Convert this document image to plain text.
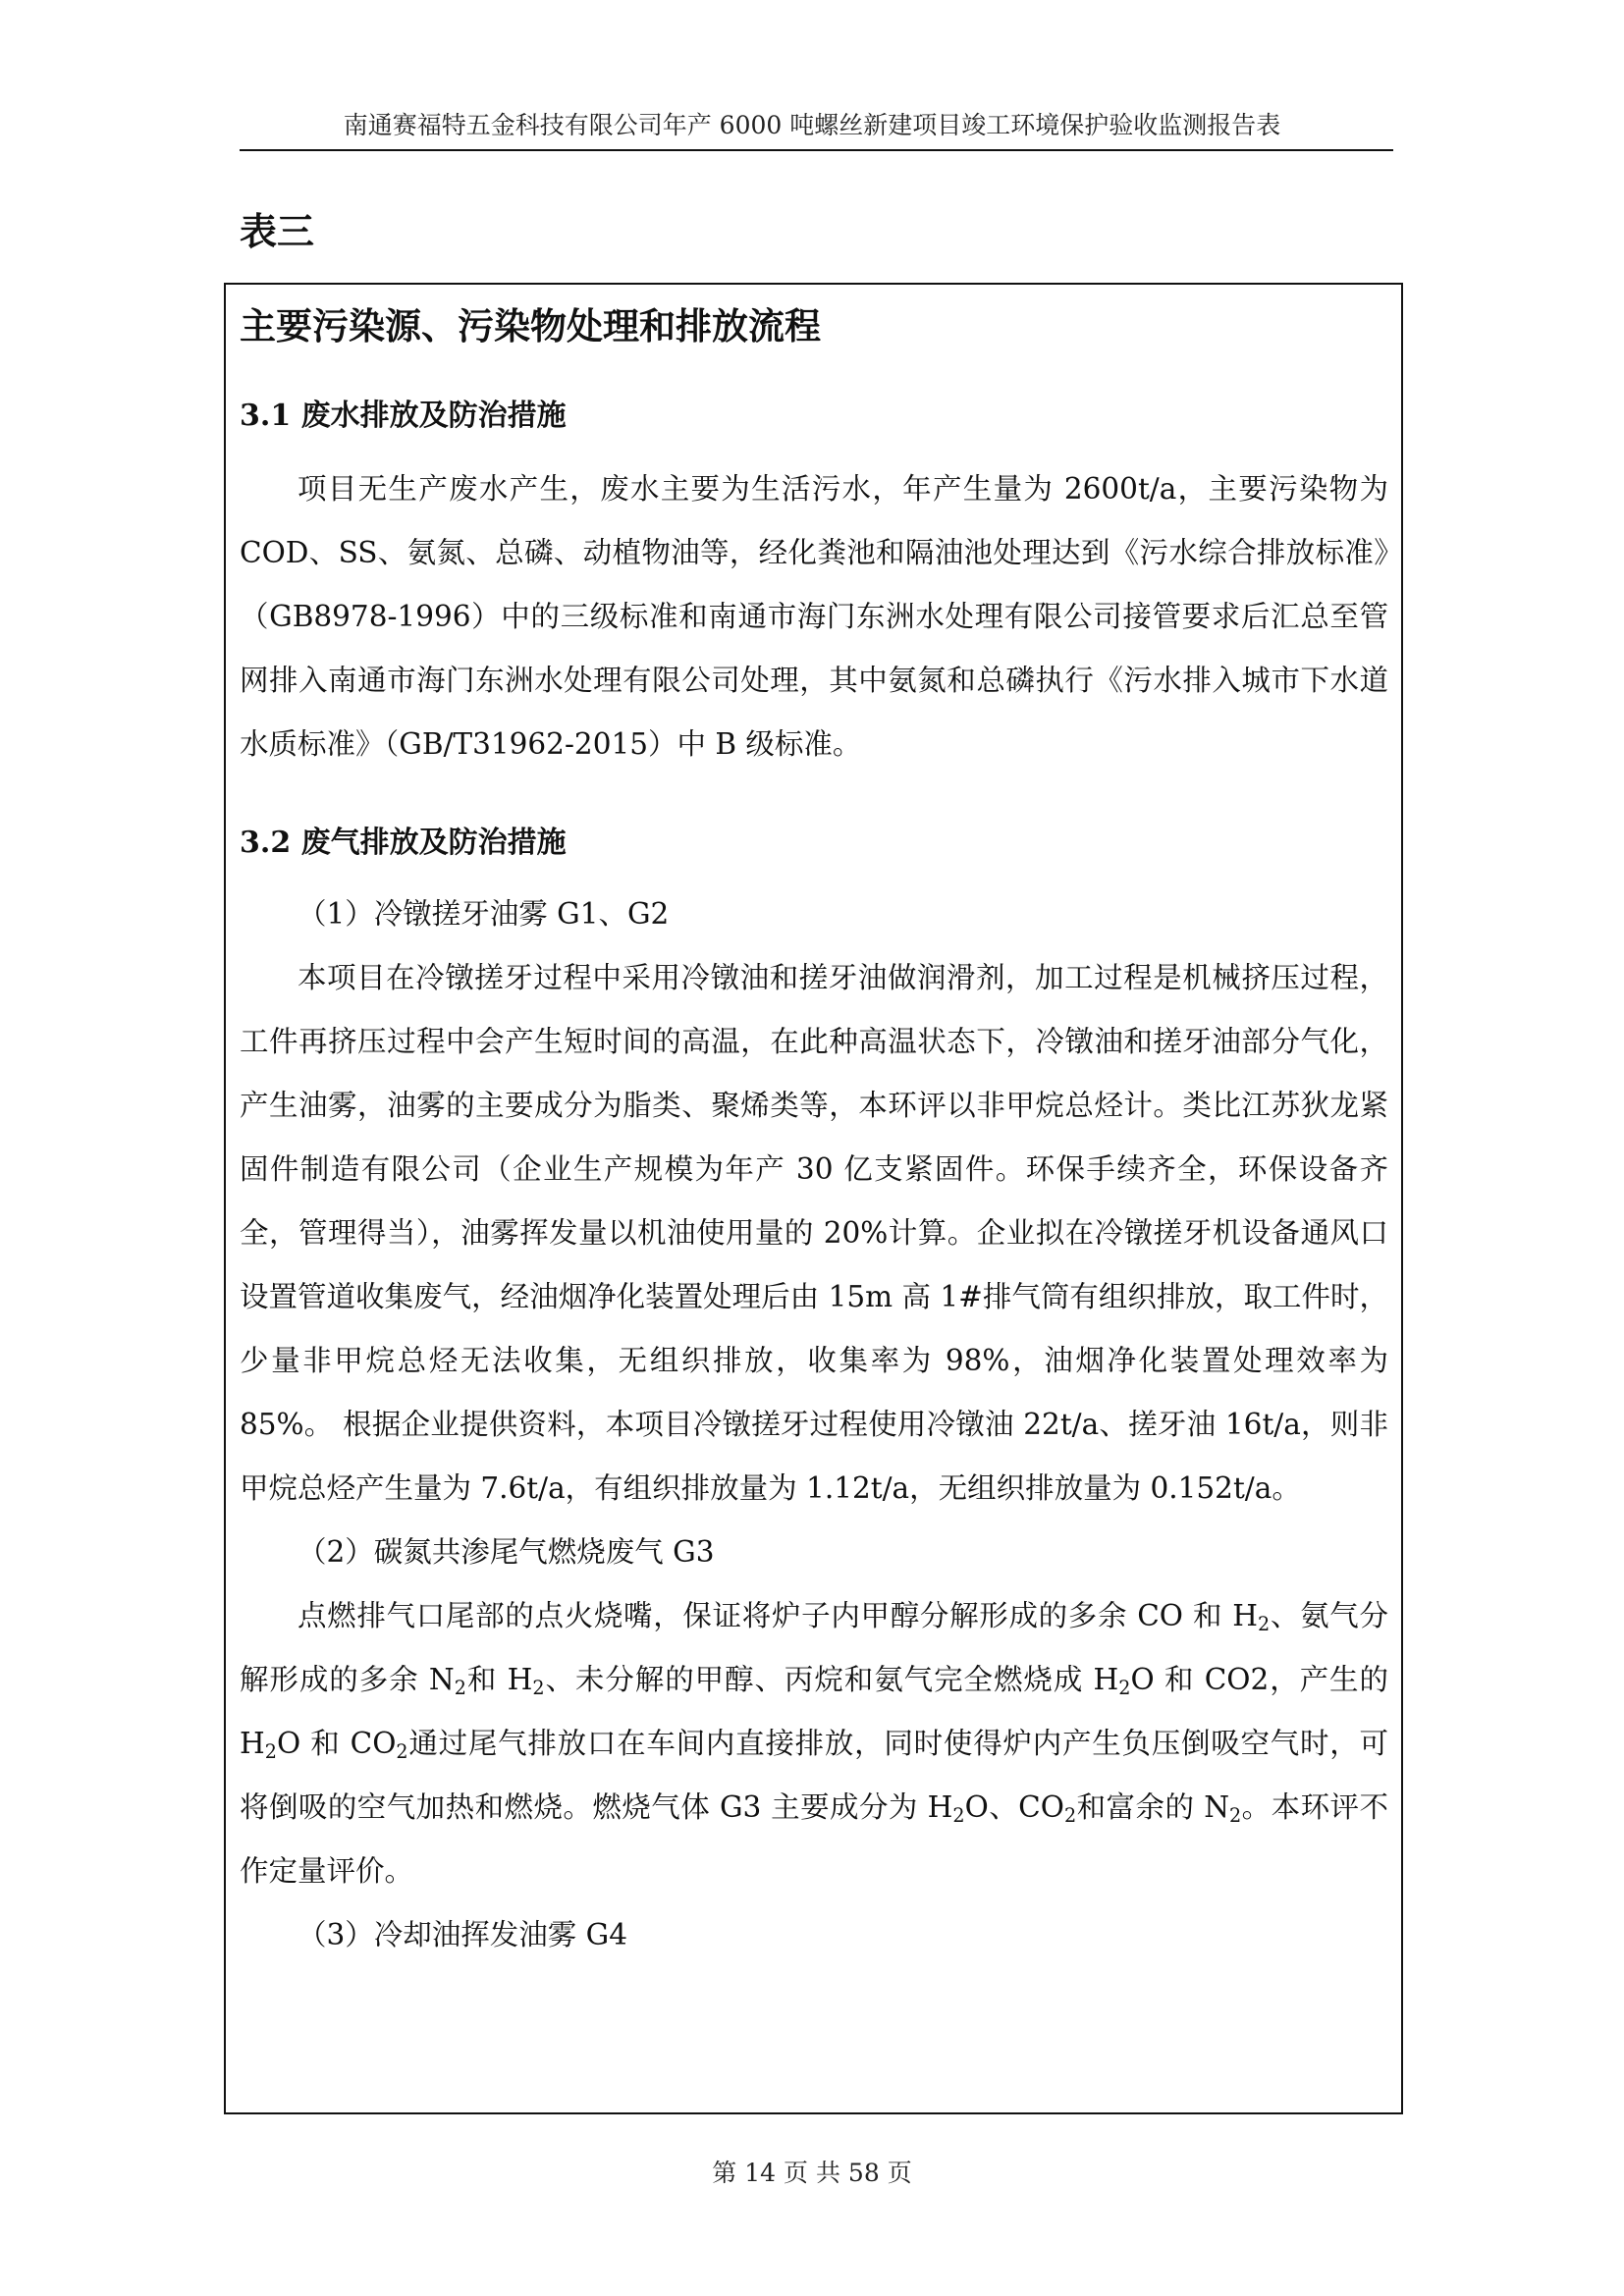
南通赛福特五金科技有限公司年产 6000 吨螺丝新建项目竣工环境保护验收监测报告表
表三
主要污染源、污染物处理和排放流程
3.1 废水排放及防治措施

项目无生产废水产生，废水主要为生活污水，年产生量为 2600t/a，主要污染物为 COD、SS、氨氮、总磷、动植物油等，经化粪池和隔油池处理达到《污水综合排放标准》（GB8978-1996）中的三级标准和南通市海门东洲水处理有限公司接管要求后汇总至管网排入南通市海门东洲水处理有限公司处理，其中氨氮和总磷执行《污水排入城市下水道水质标准》（GB/T31962-2015）中 B 级标准。

3.2 废气排放及防治措施

（1）冷镦搓牙油雾 G1、G2

本项目在冷镦搓牙过程中采用冷镦油和搓牙油做润滑剂，加工过程是机械挤压过程，工件再挤压过程中会产生短时间的高温，在此种高温状态下，冷镦油和搓牙油部分气化，产生油雾，油雾的主要成分为脂类、聚烯类等，本环评以非甲烷总烃计。类比江苏狄龙紧固件制造有限公司（企业生产规模为年产 30 亿支紧固件。环保手续齐全，环保设备齐全，管理得当），油雾挥发量以机油使用量的 20%计算。企业拟在冷镦搓牙机设备通风口设置管道收集废气，经油烟净化装置处理后由 15m 高 1#排气筒有组织排放，取工件时，少量非甲烷总烃无法收集，无组织排放，收集率为 98%，油烟净化装置处理效率为 85%。 根据企业提供资料，本项目冷镦搓牙过程使用冷镦油 22t/a、搓牙油 16t/a，则非甲烷总烃产生量为 7.6t/a，有组织排放量为 1.12t/a，无组织排放量为 0.152t/a。

（2）碳氮共渗尾气燃烧废气 G3

点燃排气口尾部的点火烧嘴，保证将炉子内甲醇分解形成的多余 CO 和 $H_2$、氨气分解形成的多余 $N_2$和 $H_2$、未分解的甲醇、丙烷和氨气完全燃烧成 $H_2O$ 和 CO2，产生的 $H_2O$ 和 $CO_2$通过尾气排放口在车间内直接排放，同时使得炉内产生负压倒吸空气时，可将倒吸的空气加热和燃烧。燃烧气体 G3 主要成分为 $H_2O$、$CO_2$和富余的 $N_2$。本环评不作定量评价。

（3）冷却油挥发油雾 G4

第 14 页 共 58 页
